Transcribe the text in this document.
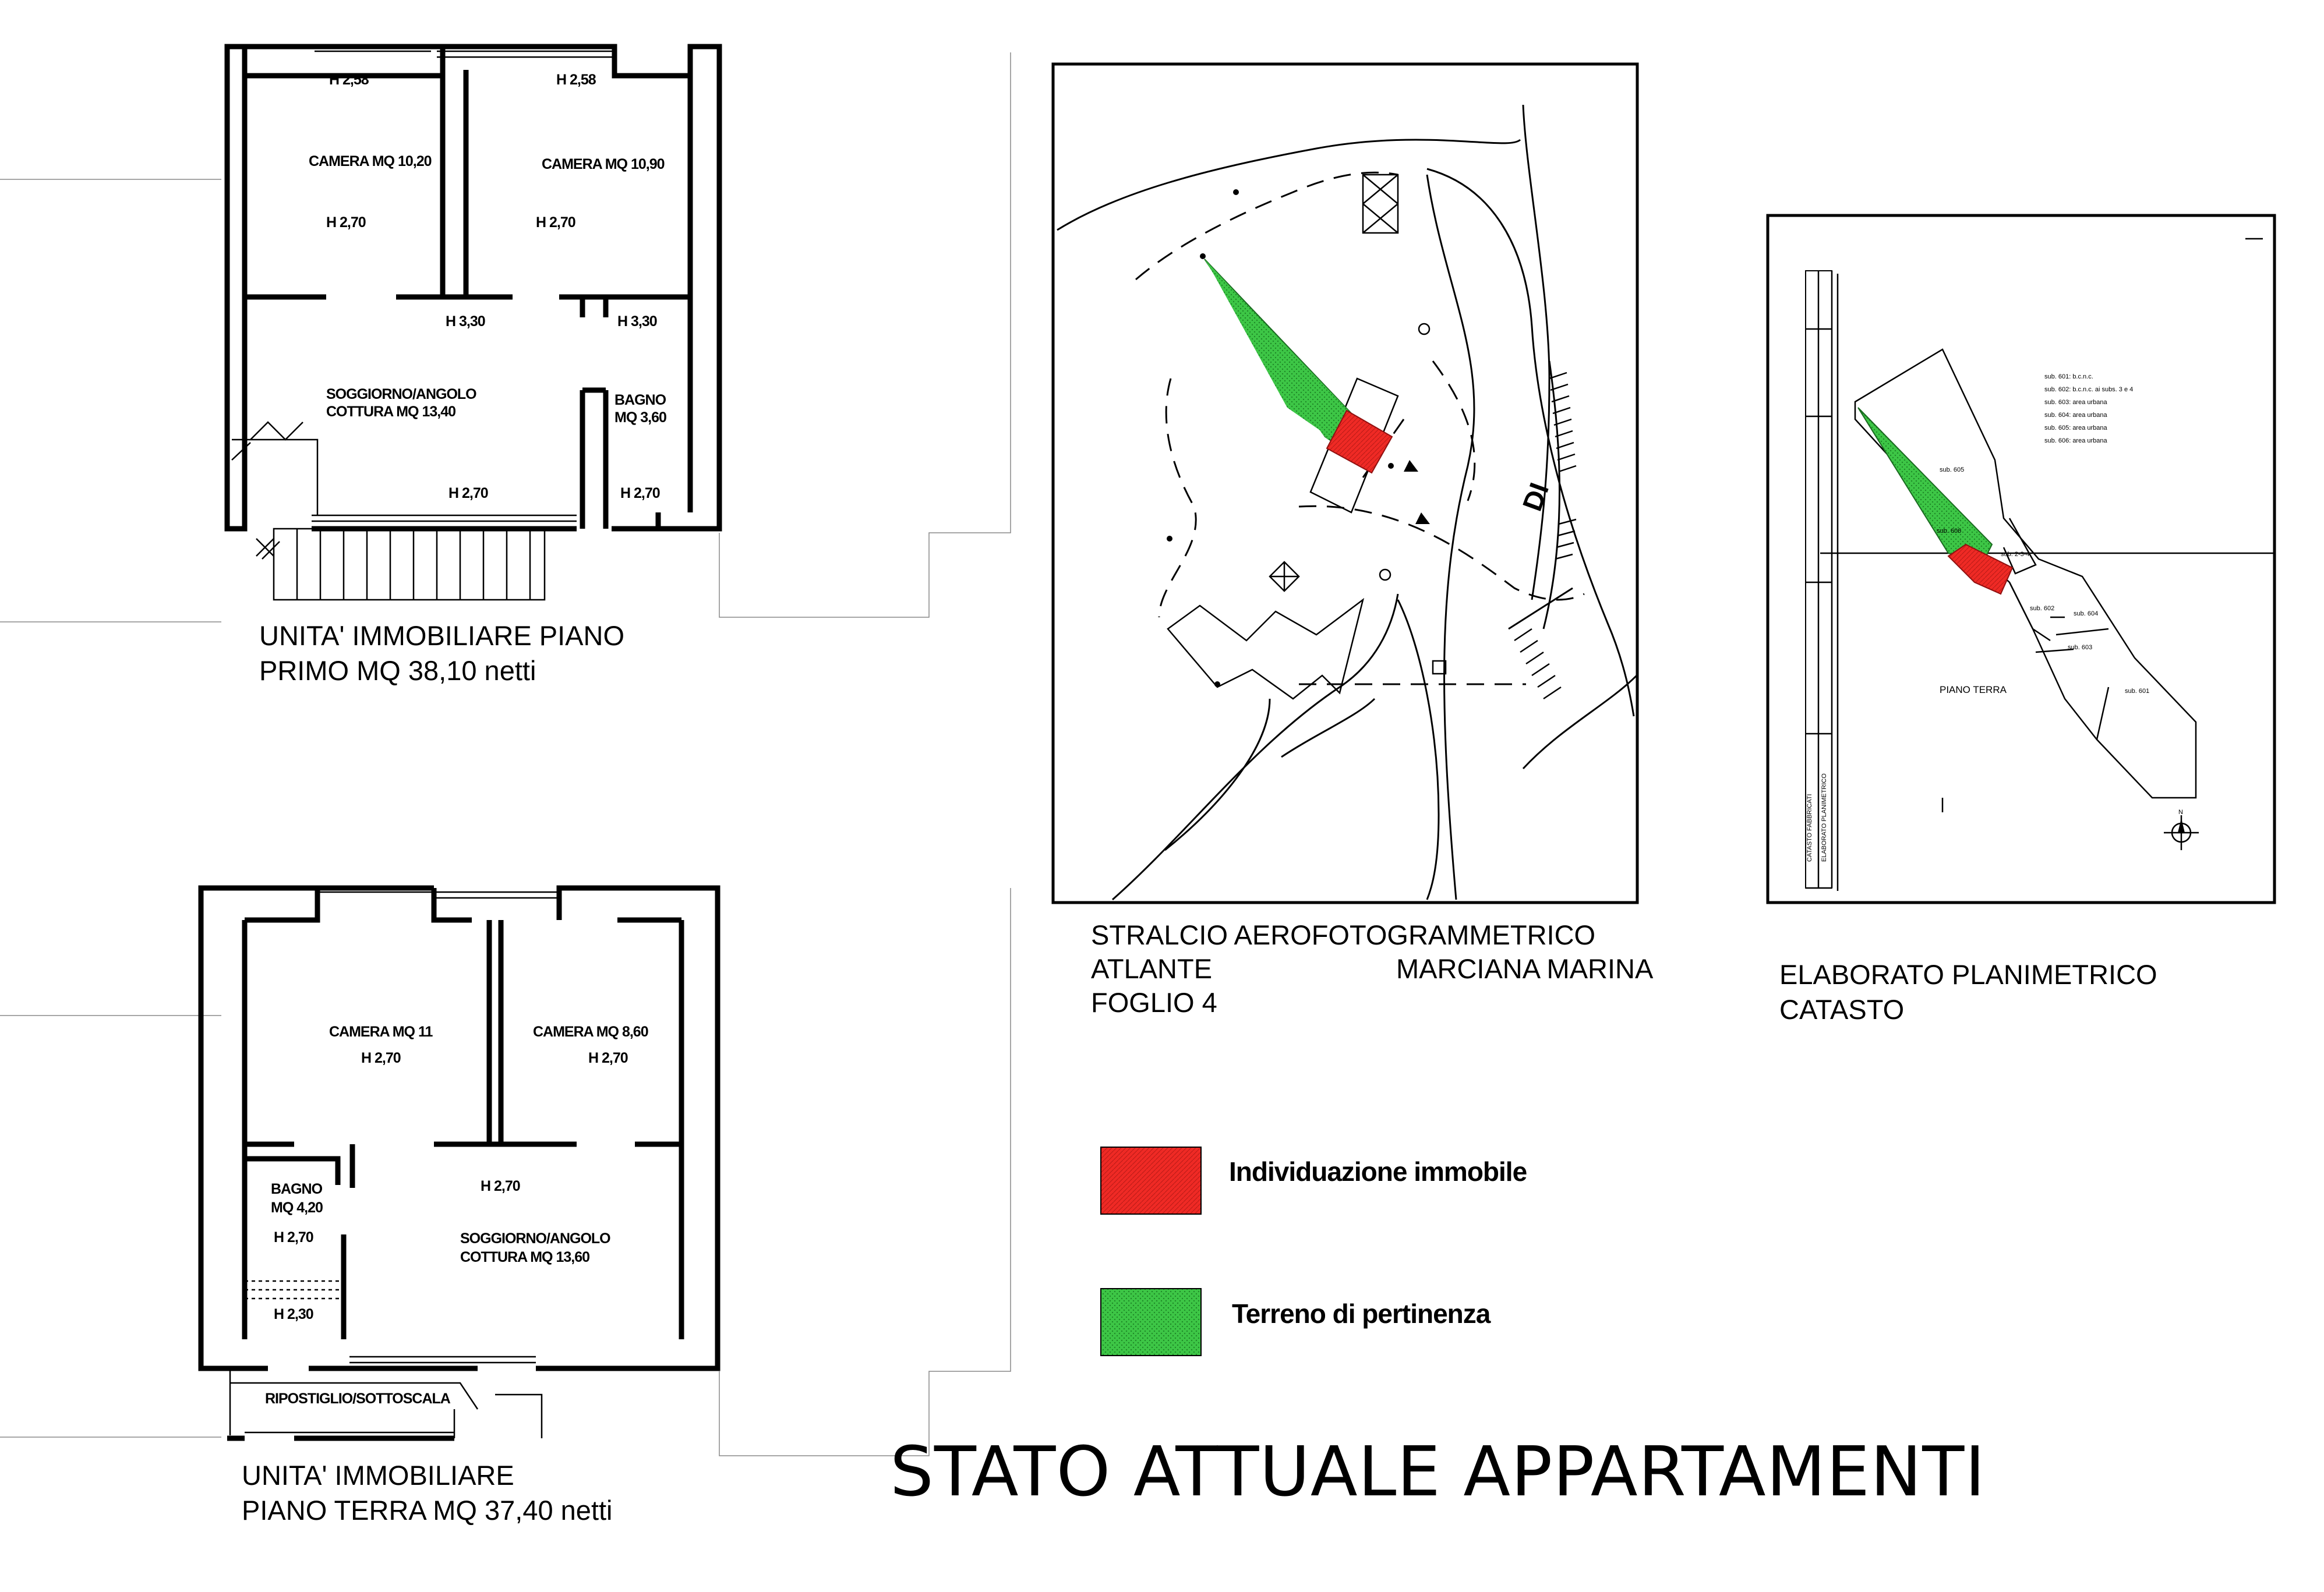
H 2,58	H 2,58
CAMERA MQ 10,20	CAMERA MQ 10,90
H 2,70	H 2,70
H 3,30	H 3,30
SOGGIORNO/ANGOLO
COTTURA MQ 13,40
BAGNO
MQ 3,60
H 2,70	H 2,70
UNITA' IMMOBILIARE PIANO
PRIMO MQ 38,10 netti
CAMERA MQ 11	CAMERA MQ 8,60
H 2,70	H 2,70
BAGNO
MQ 4,20
H 2,70
H 2,70
SOGGIORNO/ANGOLO
COTTURA MQ 13,60
H 2,30
RIPOSTIGLIO/SOTTOSCALA
UNITA' IMMOBILIARE
PIANO TERRA MQ 37,40 netti
DI
STRALCIO AEROFOTOGRAMMETRICO
ATLANTE	MARCIANA MARINA
FOGLIO 4
CATASTO FABBRICATI ELABORATO PLANIMETRICO
sub. 601: b.c.n.c.
sub. 602: b.c.n.c. ai subs. 3 e 4
sub. 603: area urbana
sub. 604: area urbana
sub. 605: area urbana
sub. 606: area urbana
sub. 605
sub. 606
sub. 2-3-4
sub. 602
sub. 604
sub. 603
sub. 601
PIANO TERRA
N
ELABORATO PLANIMETRICO
CATASTO
Individuazione immobile
Terreno di pertinenza
STATO ATTUALE APPARTAMENTI
